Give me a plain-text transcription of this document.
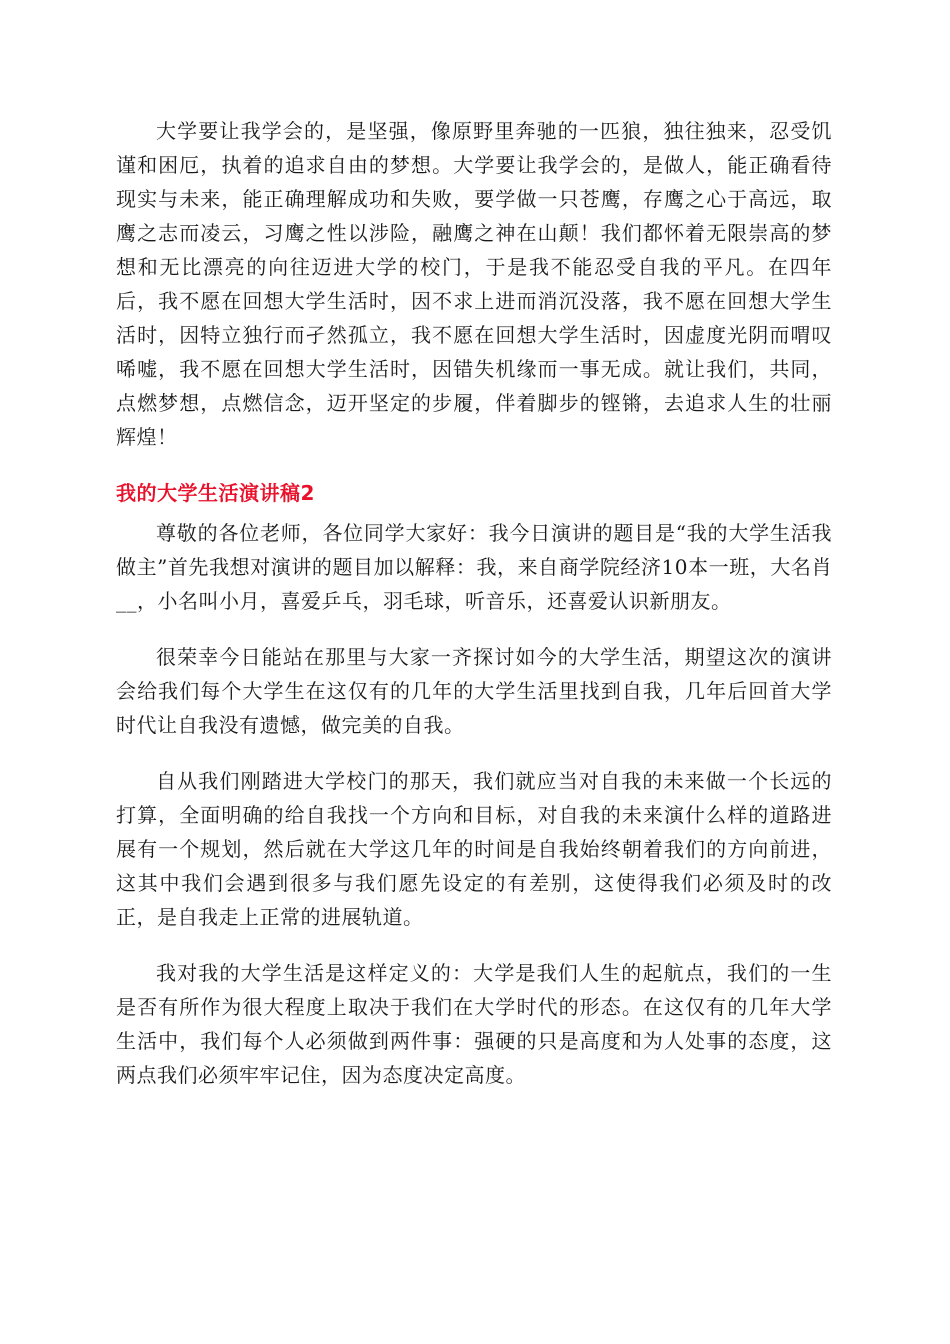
大学要让我学会的，是坚强，像原野里奔驰的一匹狼，独往独来，忍受饥谨和困厄，执着的追求自由的梦想。大学要让我学会的，是做人，能正确看待现实与未来，能正确理解成功和失败，要学做一只苍鹰，存鹰之心于高远，取鹰之志而凌云，习鹰之性以涉险，融鹰之神在山颠！我们都怀着无限崇高的梦想和无比漂亮的向往迈进大学的校门，于是我不能忍受自我的平凡。在四年后，我不愿在回想大学生活时，因不求上进而消沉没落，我不愿在回想大学生活时，因特立独行而孑然孤立，我不愿在回想大学生活时，因虚度光阴而喟叹唏嘘，我不愿在回想大学生活时，因错失机缘而一事无成。就让我们，共同，点燃梦想，点燃信念，迈开坚定的步履，伴着脚步的铿锵，去追求人生的壮丽辉煌！

我的大学生活演讲稿2

尊敬的各位老师，各位同学大家好：我今日演讲的题目是“我的大学生活我做主”首先我想对演讲的题目加以解释：我，来自商学院经济10本一班，大名肖__，小名叫小月，喜爱乒乓，羽毛球，听音乐，还喜爱认识新朋友。

很荣幸今日能站在那里与大家一齐探讨如今的大学生活，期望这次的演讲会给我们每个大学生在这仅有的几年的大学生活里找到自我，几年后回首大学时代让自我没有遗憾，做完美的自我。

自从我们刚踏进大学校门的那天，我们就应当对自我的未来做一个长远的打算，全面明确的给自我找一个方向和目标，对自我的未来演什么样的道路进展有一个规划，然后就在大学这几年的时间是自我始终朝着我们的方向前进，这其中我们会遇到很多与我们愿先设定的有差别，这使得我们必须及时的改正，是自我走上正常的进展轨道。

我对我的大学生活是这样定义的：大学是我们人生的起航点，我们的一生是否有所作为很大程度上取决于我们在大学时代的形态。在这仅有的几年大学生活中，我们每个人必须做到两件事：强硬的只是高度和为人处事的态度，这两点我们必须牢牢记住，因为态度决定高度。
